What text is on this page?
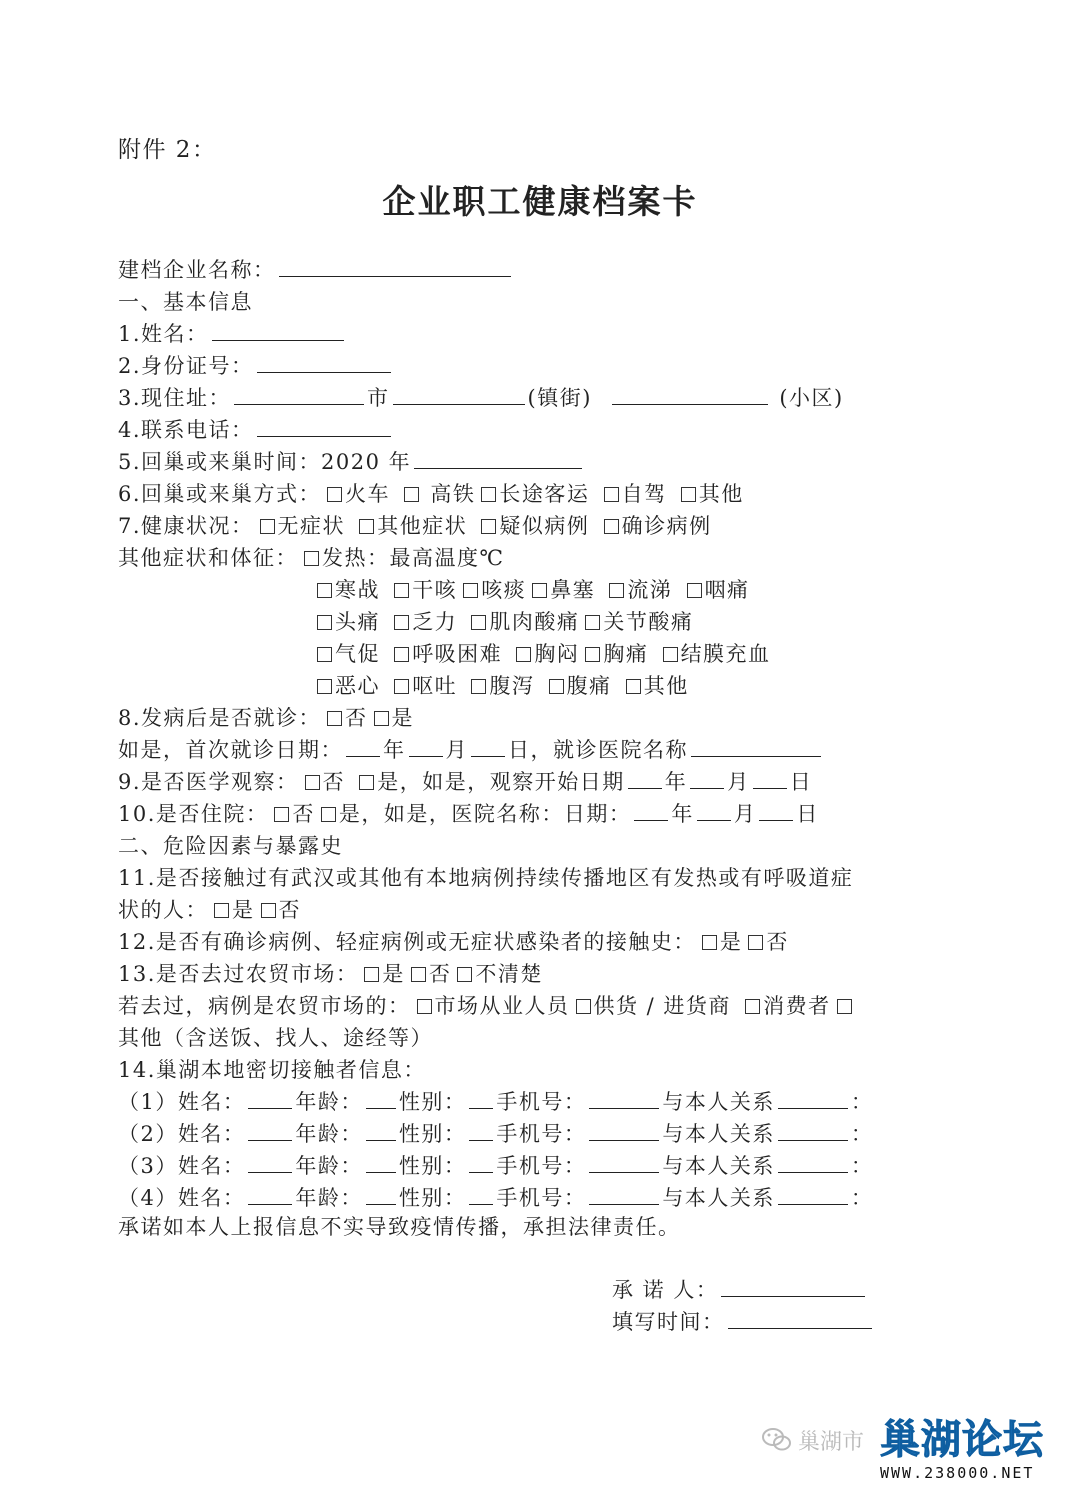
附件 2：
企业职工健康档案卡
建档企业名称：
一、基本信息
1.姓名：
2.身份证号：
3.现住址：	市	(镇街)	(小区)
4.联系电话：
5.回巢或来巢时间：2020 年
6.回巢或来巢方式： 火车 高铁 长途客运 自驾 其他
7.健康状况： 无症状 其他症状 疑似病例 确诊病例
其他症状和体征： 发热：最高温度℃
寒战 干咳 咳痰 鼻塞 流涕 咽痛
头痛 乏力 肌肉酸痛 关节酸痛
气促 呼吸困难 胸闷 胸痛 结膜充血
恶心 呕吐 腹泻 腹痛 其他
8.发病后是否就诊： 否 是
如是，首次就诊日期： 年 月 日，就诊医院名称
9.是否医学观察： 否 是，如是，观察开始日期 年 月 日
10.是否住院： 否 是，如是，医院名称：日期： 年 月 日
二、危险因素与暴露史
11.是否接触过有武汉或其他有本地病例持续传播地区有发热或有呼吸道症
状的人： 是 否
12.是否有确诊病例、轻症病例或无症状感染者的接触史： 是 否
13.是否去过农贸市场： 是 否 不清楚
若去过，病例是农贸市场的： 市场从业人员 供货 / 进货商 消费者
其他（含送饭、找人、途经等）
14.巢湖本地密切接触者信息：
（1）姓名： 年龄： 性别： 手机号：	与本人关系	：
（2）姓名： 年龄： 性别： 手机号：	与本人关系	：
（3）姓名： 年龄： 性别： 手机号：	与本人关系	：
（4）姓名： 年龄： 性别： 手机号：	与本人关系	：
承诺如本人上报信息不实导致疫情传播，承担法律责任。
承 诺 人：
填写时间：
巢湖市 巢湖论坛
WWW.238000.NET
